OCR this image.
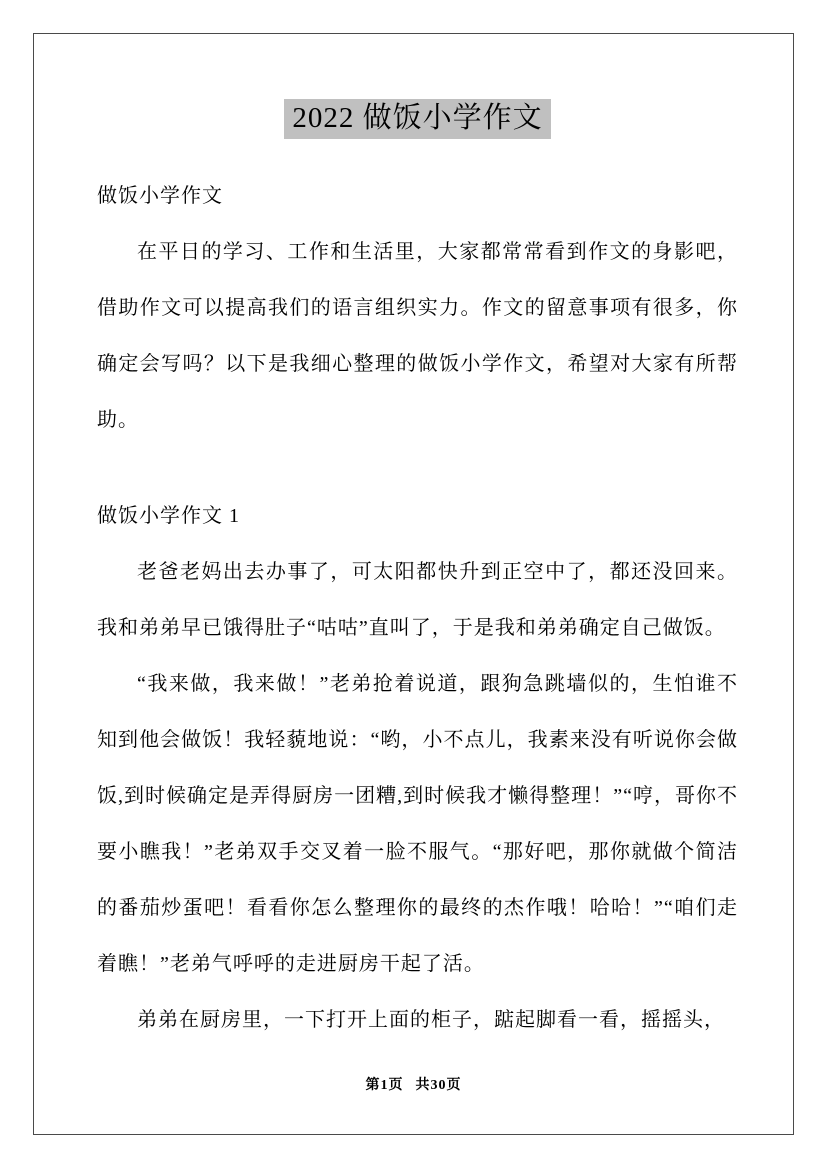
2022 做饭小学作文

做饭小学作文

在平日的学习、工作和生活里，大家都常常看到作文的身影吧，借助作文可以提高我们的语言组织实力。作文的留意事项有很多，你确定会写吗？以下是我细心整理的做饭小学作文，希望对大家有所帮助。

做饭小学作文 1

老爸老妈出去办事了，可太阳都快升到正空中了，都还没回来。我和弟弟早已饿得肚子“咕咕”直叫了，于是我和弟弟确定自己做饭。

“我来做，我来做！”老弟抢着说道，跟狗急跳墙似的，生怕谁不知到他会做饭！我轻藐地说：“哟，小不点儿，我素来没有听说你会做饭,到时候确定是弄得厨房一团糟,到时候我才懒得整理！”“哼，哥你不要小瞧我！”老弟双手交叉着一脸不服气。“那好吧，那你就做个简洁的番茄炒蛋吧！看看你怎么整理你的最终的杰作哦！哈哈！”“咱们走着瞧！”老弟气呼呼的走进厨房干起了活。

弟弟在厨房里，一下打开上面的柜子，踮起脚看一看，摇摇头，

第1页 共30页
